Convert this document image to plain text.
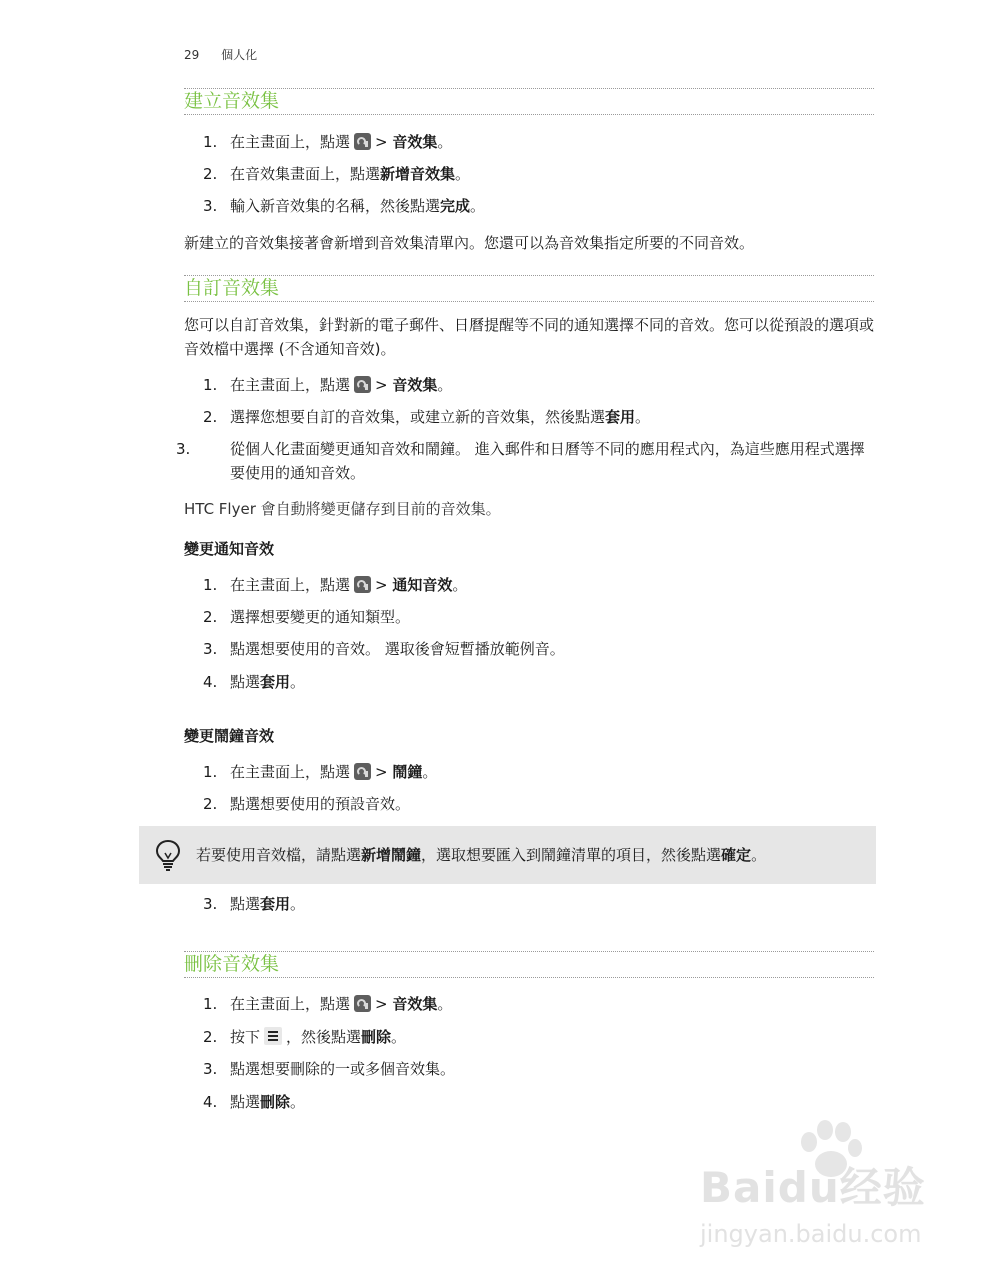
29 個人化
建立音效集
1. 在主畫面上，點選 > 音效集。
2. 在音效集畫面上，點選新增音效集。
3. 輸入新音效集的名稱，然後點選完成。
新建立的音效集接著會新增到音效集清單內。您還可以為音效集指定所要的不同音效。
自訂音效集
您可以自訂音效集，針對新的電子郵件、日曆提醒等不同的通知選擇不同的音效。您可以從預設的選項或音效檔中選擇 (不含通知音效)。
1. 在主畫面上，點選 > 音效集。
2. 選擇您想要自訂的音效集，或建立新的音效集，然後點選套用。
3.	從個人化畫面變更通知音效和鬧鐘。 進入郵件和日曆等不同的應用程式內，為這些應用程式選擇要使用的通知音效。
HTC Flyer 會自動將變更儲存到目前的音效集。
變更通知音效
1. 在主畫面上，點選 > 通知音效。
2. 選擇想要變更的通知類型。
3. 點選想要使用的音效。 選取後會短暫播放範例音。
4. 點選套用。
變更鬧鐘音效
1. 在主畫面上，點選 > 鬧鐘。
2. 點選想要使用的預設音效。
若要使用音效檔，請點選新增鬧鐘，選取想要匯入到鬧鐘清單的項目，然後點選確定。
3. 點選套用。
刪除音效集
1. 在主畫面上，點選 > 音效集。
2. 按下 ，然後點選刪除。
3. 點選想要刪除的一或多個音效集。
4. 點選刪除。
Baidu经验
jingyan.baidu.com
